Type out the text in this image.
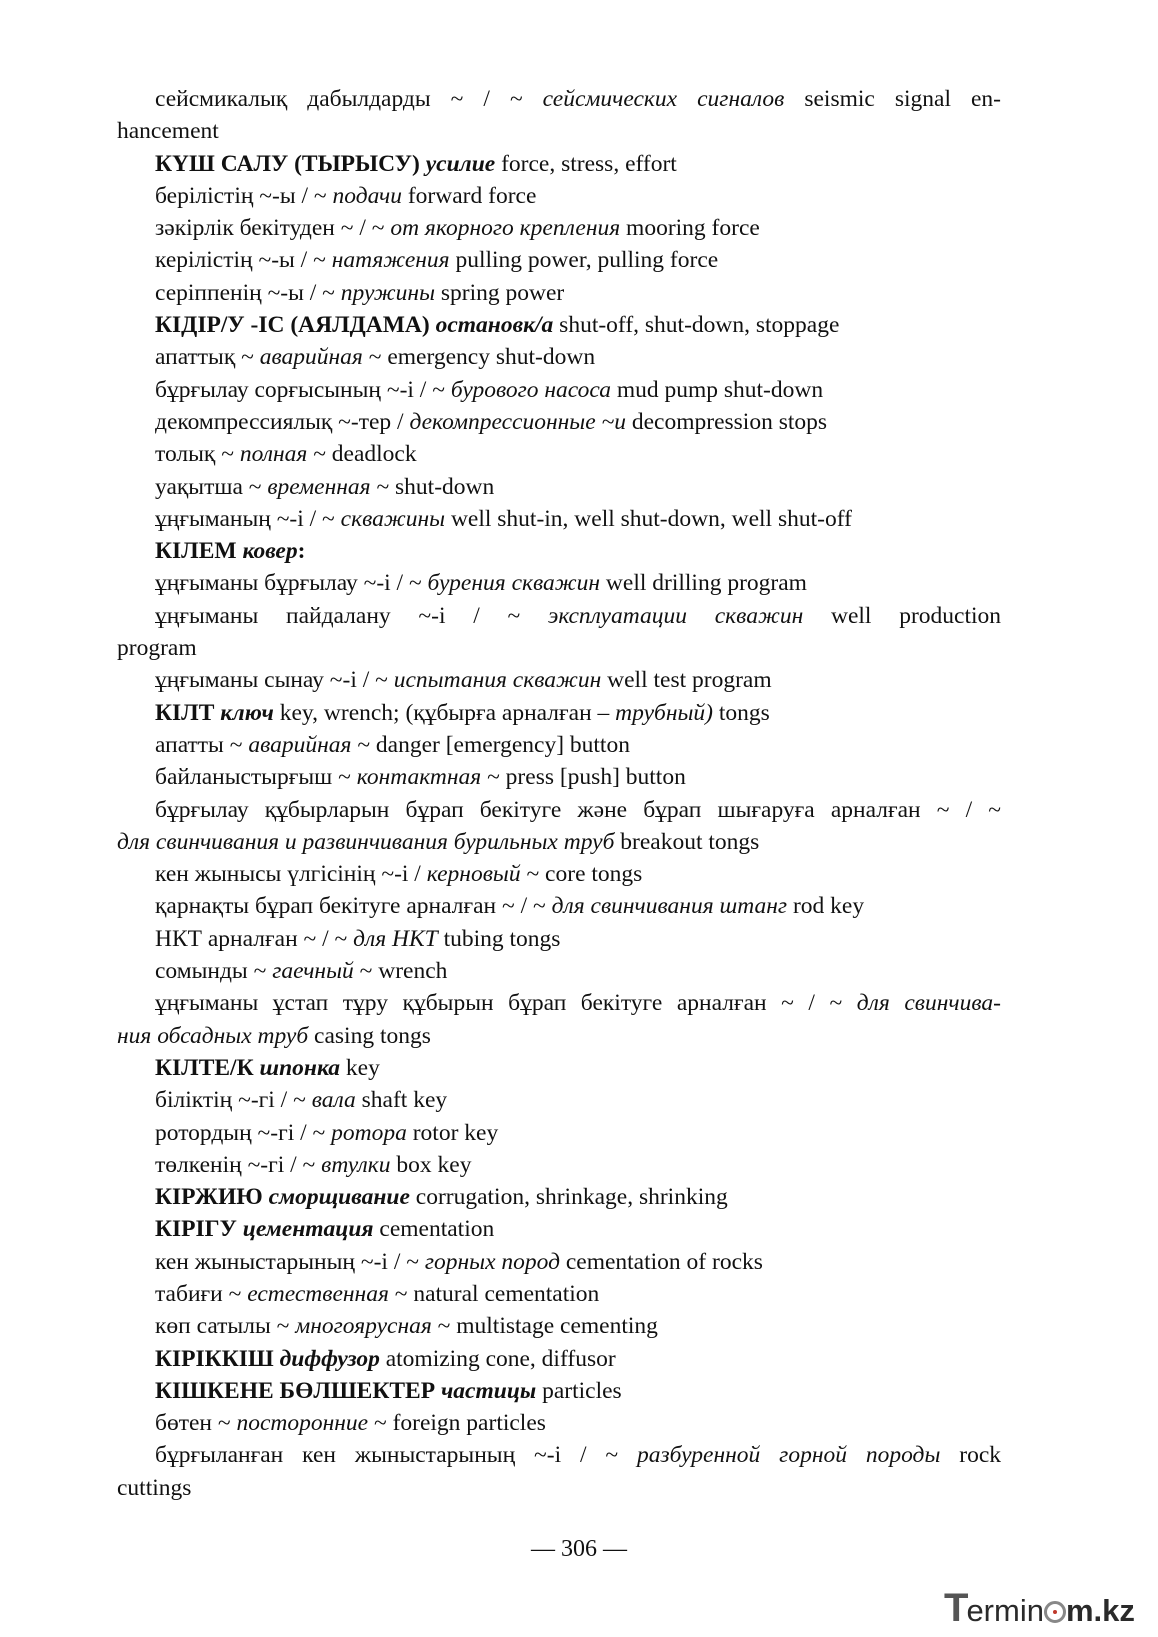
сейсмикалық дабылдарды ~ / ~ сейсмических сигналов seismic signal en-
hancement
КҮШ САЛУ (ТЫРЫСУ) усилие force, stress, effort
берілістің ~-ы / ~ подачи forward force
зәкірлік бекітуден ~ / ~ от якорного крепления mooring force
керілістің ~-ы / ~ натяжения pulling power, pulling force
серіппенің ~-ы / ~ пружины spring power
КІДІР/У -ІС (АЯЛДАМА) остановк/а shut-off, shut-down, stoppage
апаттық ~ аварийная ~ emergency shut-down
бұрғылау сорғысының ~-і / ~ бурового насоса mud pump shut-down
декомпрессиялық ~-тер / декомпрессионные ~и decompression stops
толық ~ полная ~ deadlock
уақытша ~ временная ~ shut-down
ұңғыманың ~-і / ~ скважины well shut-in, well shut-down, well shut-off
КІЛЕМ ковер:
ұңғыманы бұрғылау ~-і / ~ бурения скважин well drilling program
ұңғыманы пайдалану ~-і / ~ эксплуатации скважин well production
program
ұңғыманы сынау ~-і / ~ испытания скважин well test program
КІЛТ ключ key, wrench; (құбырға арналған – трубный) tongs
апатты ~ аварийная ~ danger [emergency] button
байланыстырғыш ~ контактная ~ press [push] button
бұрғылау құбырларын бұрап бекітуге және бұрап шығаруға арналған ~ / ~
для свинчивания и развинчивания бурильных труб breakout tongs
кен жынысы үлгісінің ~-і / керновый ~ core tongs
қарнақты бұрап бекітуге арналған ~ / ~ для свинчивания штанг rod key
НКТ арналған ~ / ~ для НКТ tubing tongs
сомынды ~ гаечный ~ wrench
ұңғыманы ұстап тұру құбырын бұрап бекітуге арналған ~ / ~ для свинчива-
ния обсадных труб casing tongs
КІЛТЕ/К шпонка key
біліктің ~-гі / ~ вала shaft key
ротордың ~-гі / ~ ротора rotor key
төлкенің ~-гі / ~ втулки box key
КІРЖИЮ сморщивание corrugation, shrinkage, shrinking
КІРІГУ цементация cementation
кен жыныстарының ~-і / ~ горных пород cementation of rocks
табиғи ~ естественная ~ natural cementation
көп сатылы ~ многоярусная ~ multistage cementing
КІРІККІШ диффузор atomizing cone, diffusor
КІШКЕНЕ БӨЛШЕКТЕР частицы particles
бөтен ~ посторонние ~ foreign particles
бұрғыланған кен жыныстарының ~-і / ~ разбуренной горной породы rock
cuttings
— 306 —
Termin m.kz
